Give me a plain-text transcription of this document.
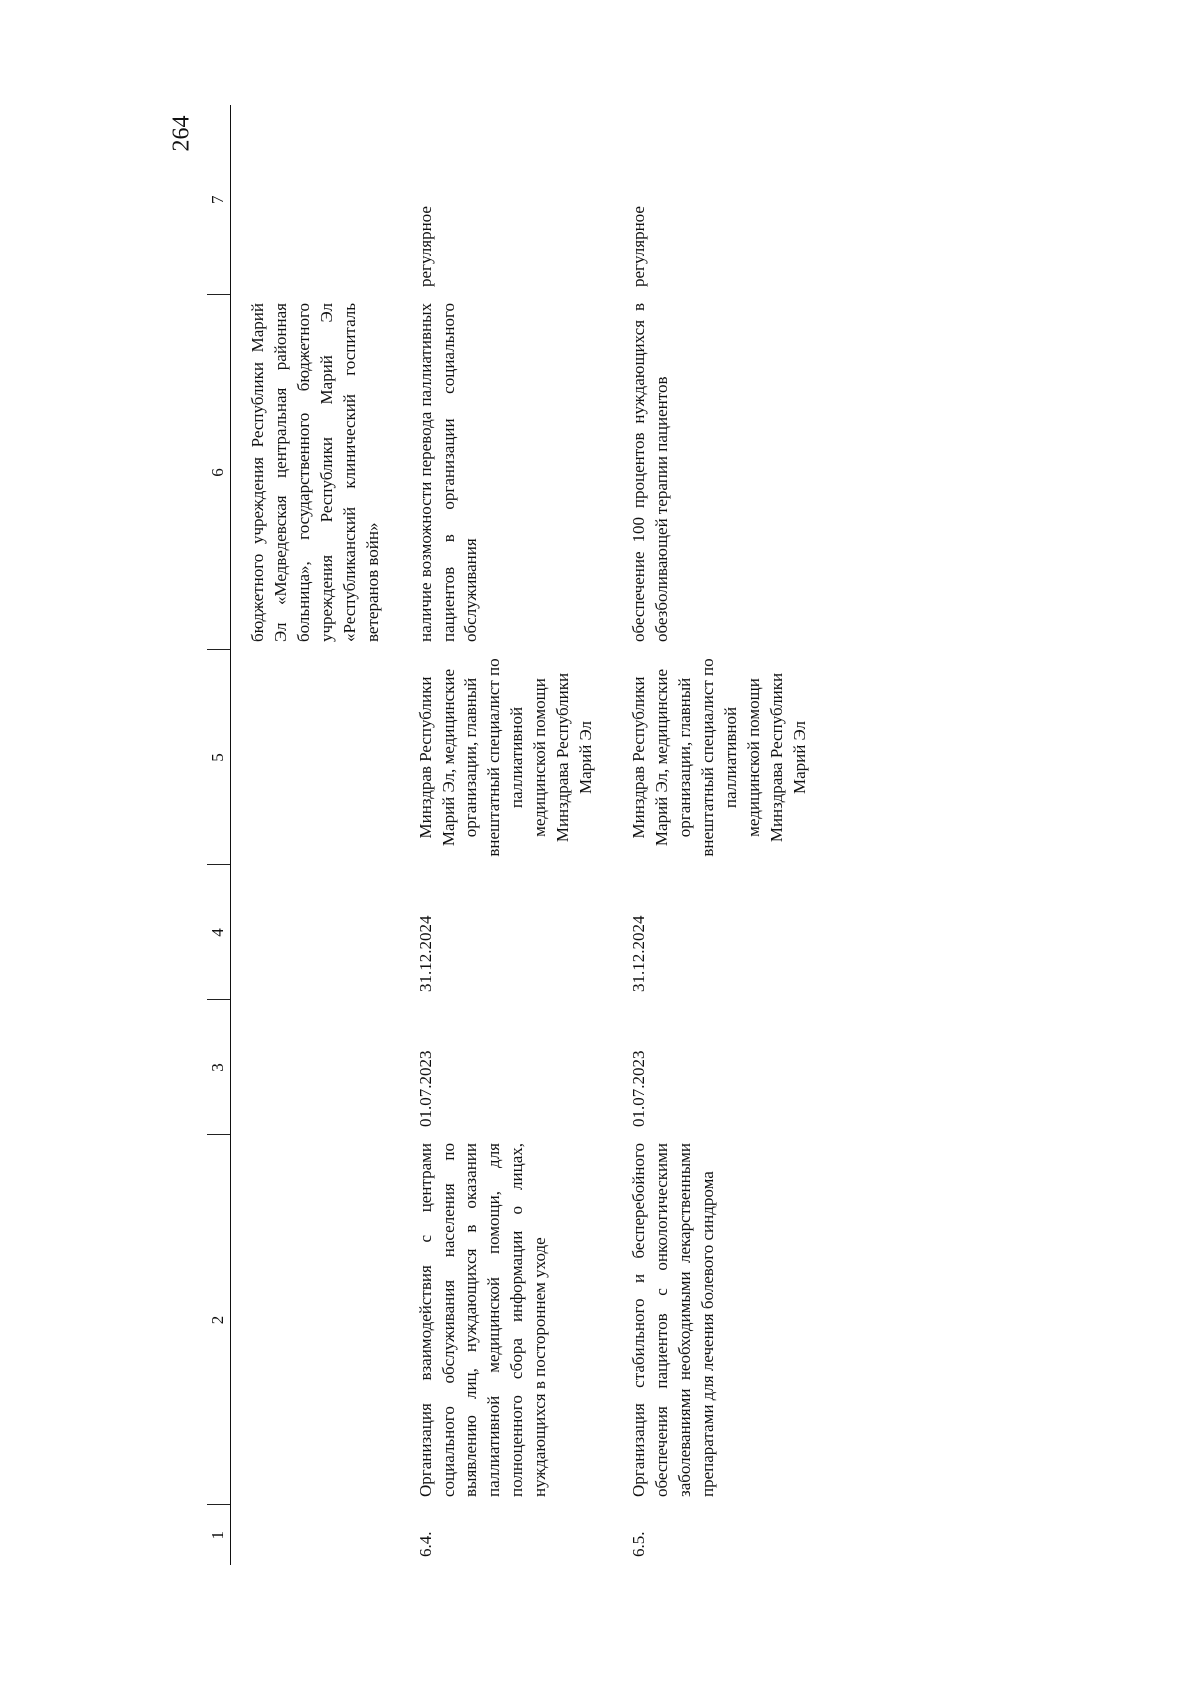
264
1	2	3	4	5	6	7
					бюджетного учреждения Республики Марий Эл «Медведевская центральная районная больница», государственного бюджетного учреждения Республики Марий Эл «Республиканский клинический госпиталь ветеранов войн»	
6.4.	Организация взаимодействия с центрами социального обслуживания населения по выявлению лиц, нуждающихся в оказании паллиативной медицинской помощи, для полноценного сбора информации о лицах, нуждающихся в постороннем уходе	01.07.2023	31.12.2024	Минздрав Республики Марий Эл, медицинские организации, главный внештатный специалист по паллиативной медицинской помощи Минздрава Республики Марий Эл	наличие возможности перевода паллиативных пациентов в организации социального обслуживания	регулярное
6.5.	Организация стабильного и бесперебойного обеспечения пациентов с онкологическими заболеваниями необходимыми лекарственными препаратами для лечения болевого синдрома	01.07.2023	31.12.2024	Минздрав Республики Марий Эл, медицинские организации, главный внештатный специалист по паллиативной медицинской помощи Минздрава Республики Марий Эл	обеспечение 100 процентов нуждающихся в обезболивающей терапии пациентов	регулярное
